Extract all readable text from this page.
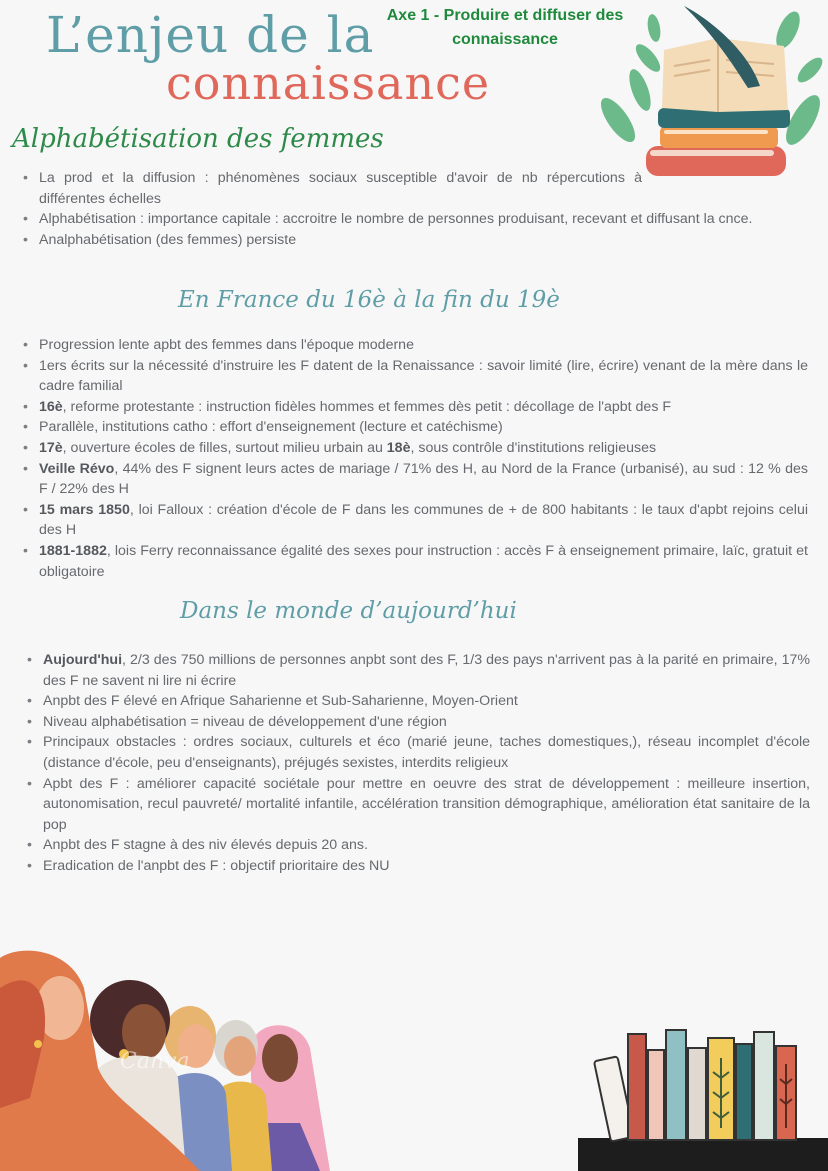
L’enjeu de la
connaissance
Axe 1 - Produire et diffuser des
connaissance
Alphabétisation des femmes
• La prod et la diffusion : phénomènes sociaux susceptible d'avoir de nb répercutions à différentes échelles
• Alphabétisation : importance capitale : accroitre le nombre de personnes produisant, recevant et diffusant la cnce.
• Analphabétisation (des femmes) persiste
En France du 16è à la fin du 19è
• Progression lente apbt des femmes dans l'époque moderne
• 1ers écrits sur la nécessité d'instruire les F datent de la Renaissance : savoir limité (lire, écrire) venant de la mère dans le cadre familial
• 16è, reforme protestante : instruction fidèles hommes et femmes dès petit : décollage de l'apbt des F
• Parallèle, institutions catho : effort d'enseignement (lecture et catéchisme)
• 17è, ouverture écoles de filles, surtout milieu urbain au 18è, sous contrôle d'institutions religieuses
• Veille Révo, 44% des F signent leurs actes de mariage / 71% des H, au Nord de la France (urbanisé), au sud : 12 % des F / 22% des H
• 15 mars 1850, loi Falloux : création d'école de F dans les communes de + de 800 habitants : le taux d'apbt rejoins celui des H
• 1881-1882, lois Ferry reconnaissance égalité des sexes pour instruction : accès F à enseignement primaire, laïc, gratuit et obligatoire
Dans le monde d’aujourd’hui
• Aujourd'hui, 2/3 des 750 millions de personnes anpbt sont des F, 1/3 des pays n'arrivent pas à la parité en primaire, 17% des F ne savent ni lire ni écrire
• Anpbt des F élevé en Afrique Saharienne et Sub-Saharienne, Moyen-Orient
• Niveau alphabétisation = niveau de développement d'une région
• Principaux obstacles : ordres sociaux, culturels et éco (marié jeune, taches domestiques,), réseau incomplet d'école (distance d'école, peu d'enseignants), préjugés sexistes, interdits religieux
• Apbt des F : améliorer capacité sociétale pour mettre en oeuvre des strat de développement : meilleure insertion, autonomisation, recul pauvreté/ mortalité infantile, accélération transition démographique, amélioration état sanitaire de la pop
• Anpbt des F stagne à des niv élevés depuis 20 ans.
• Eradication de l'anpbt des F : objectif prioritaire des NU
Canva
